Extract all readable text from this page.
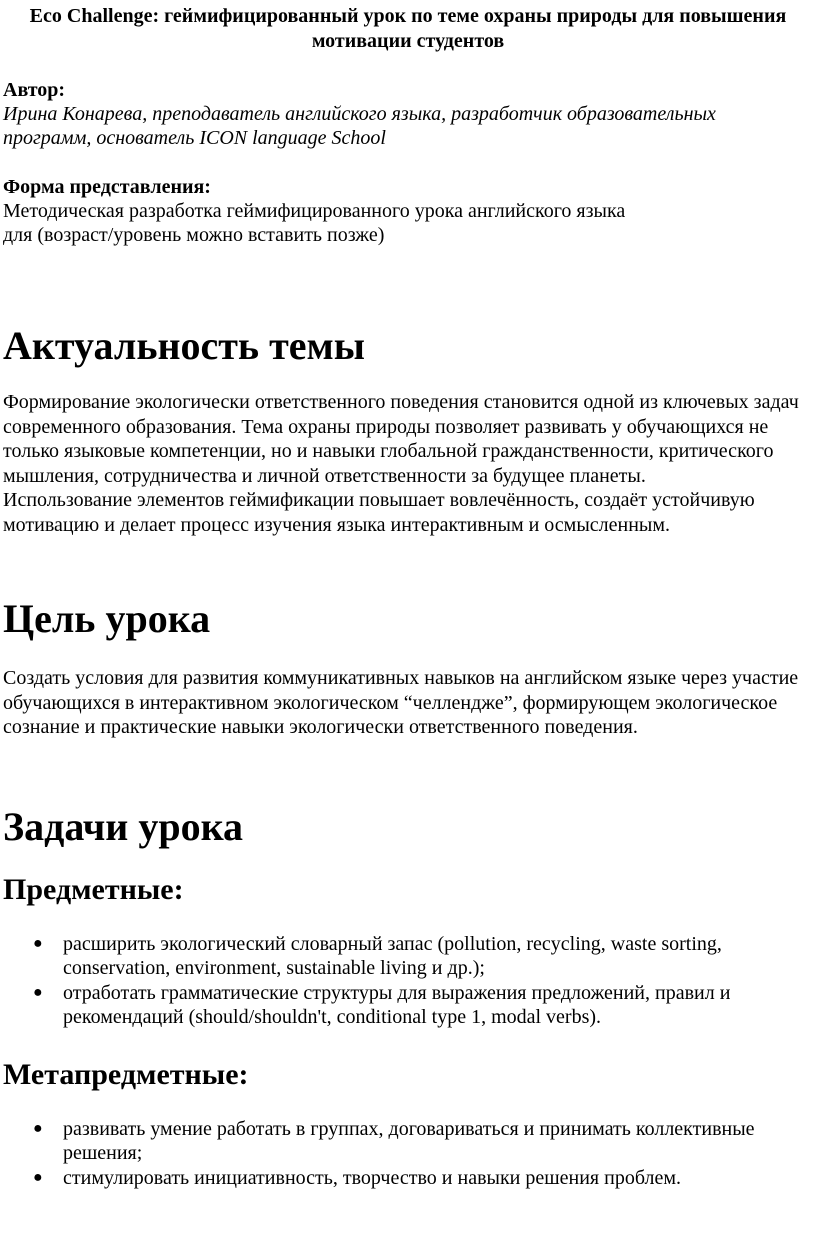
Eco Challenge: геймифицированный урок по теме охраны природы для повышения мотивации студентов

Автор:

Ирина Конарева, преподаватель английского языка, разработчик образовательных

программ, основатель ICON language School

Форма представления:

Методическая разработка геймифицированного урока английского языка

для (возраст/уровень можно вставить позже)

Актуальность темы

Формирование экологически ответственного поведения становится одной из ключевых задач современного образования. Тема охраны природы позволяет развивать у обучающихся не только языковые компетенции, но и навыки глобальной гражданственности, критического мышления, сотрудничества и личной ответственности за будущее планеты.

Использование элементов геймификации повышает вовлечённость, создаёт устойчивую мотивацию и делает процесс изучения языка интерактивным и осмысленным.

Цель урока

Создать условия для развития коммуникативных навыков на английском языке через участие обучающихся в интерактивном экологическом “челлендже”, формирующем экологическое сознание и практические навыки экологически ответственного поведения.

Задачи урока
Предметные:
● расширить экологический словарный запас (pollution, recycling, waste sorting, conservation, environment, sustainable living и др.);
● отработать грамматические структуры для выражения предложений, правил и рекомендаций (should/shouldn't, conditional type 1, modal verbs).
Метапредметные:
● развивать умение работать в группах, договариваться и принимать коллективные решения;
● стимулировать инициативность, творчество и навыки решения проблем.
